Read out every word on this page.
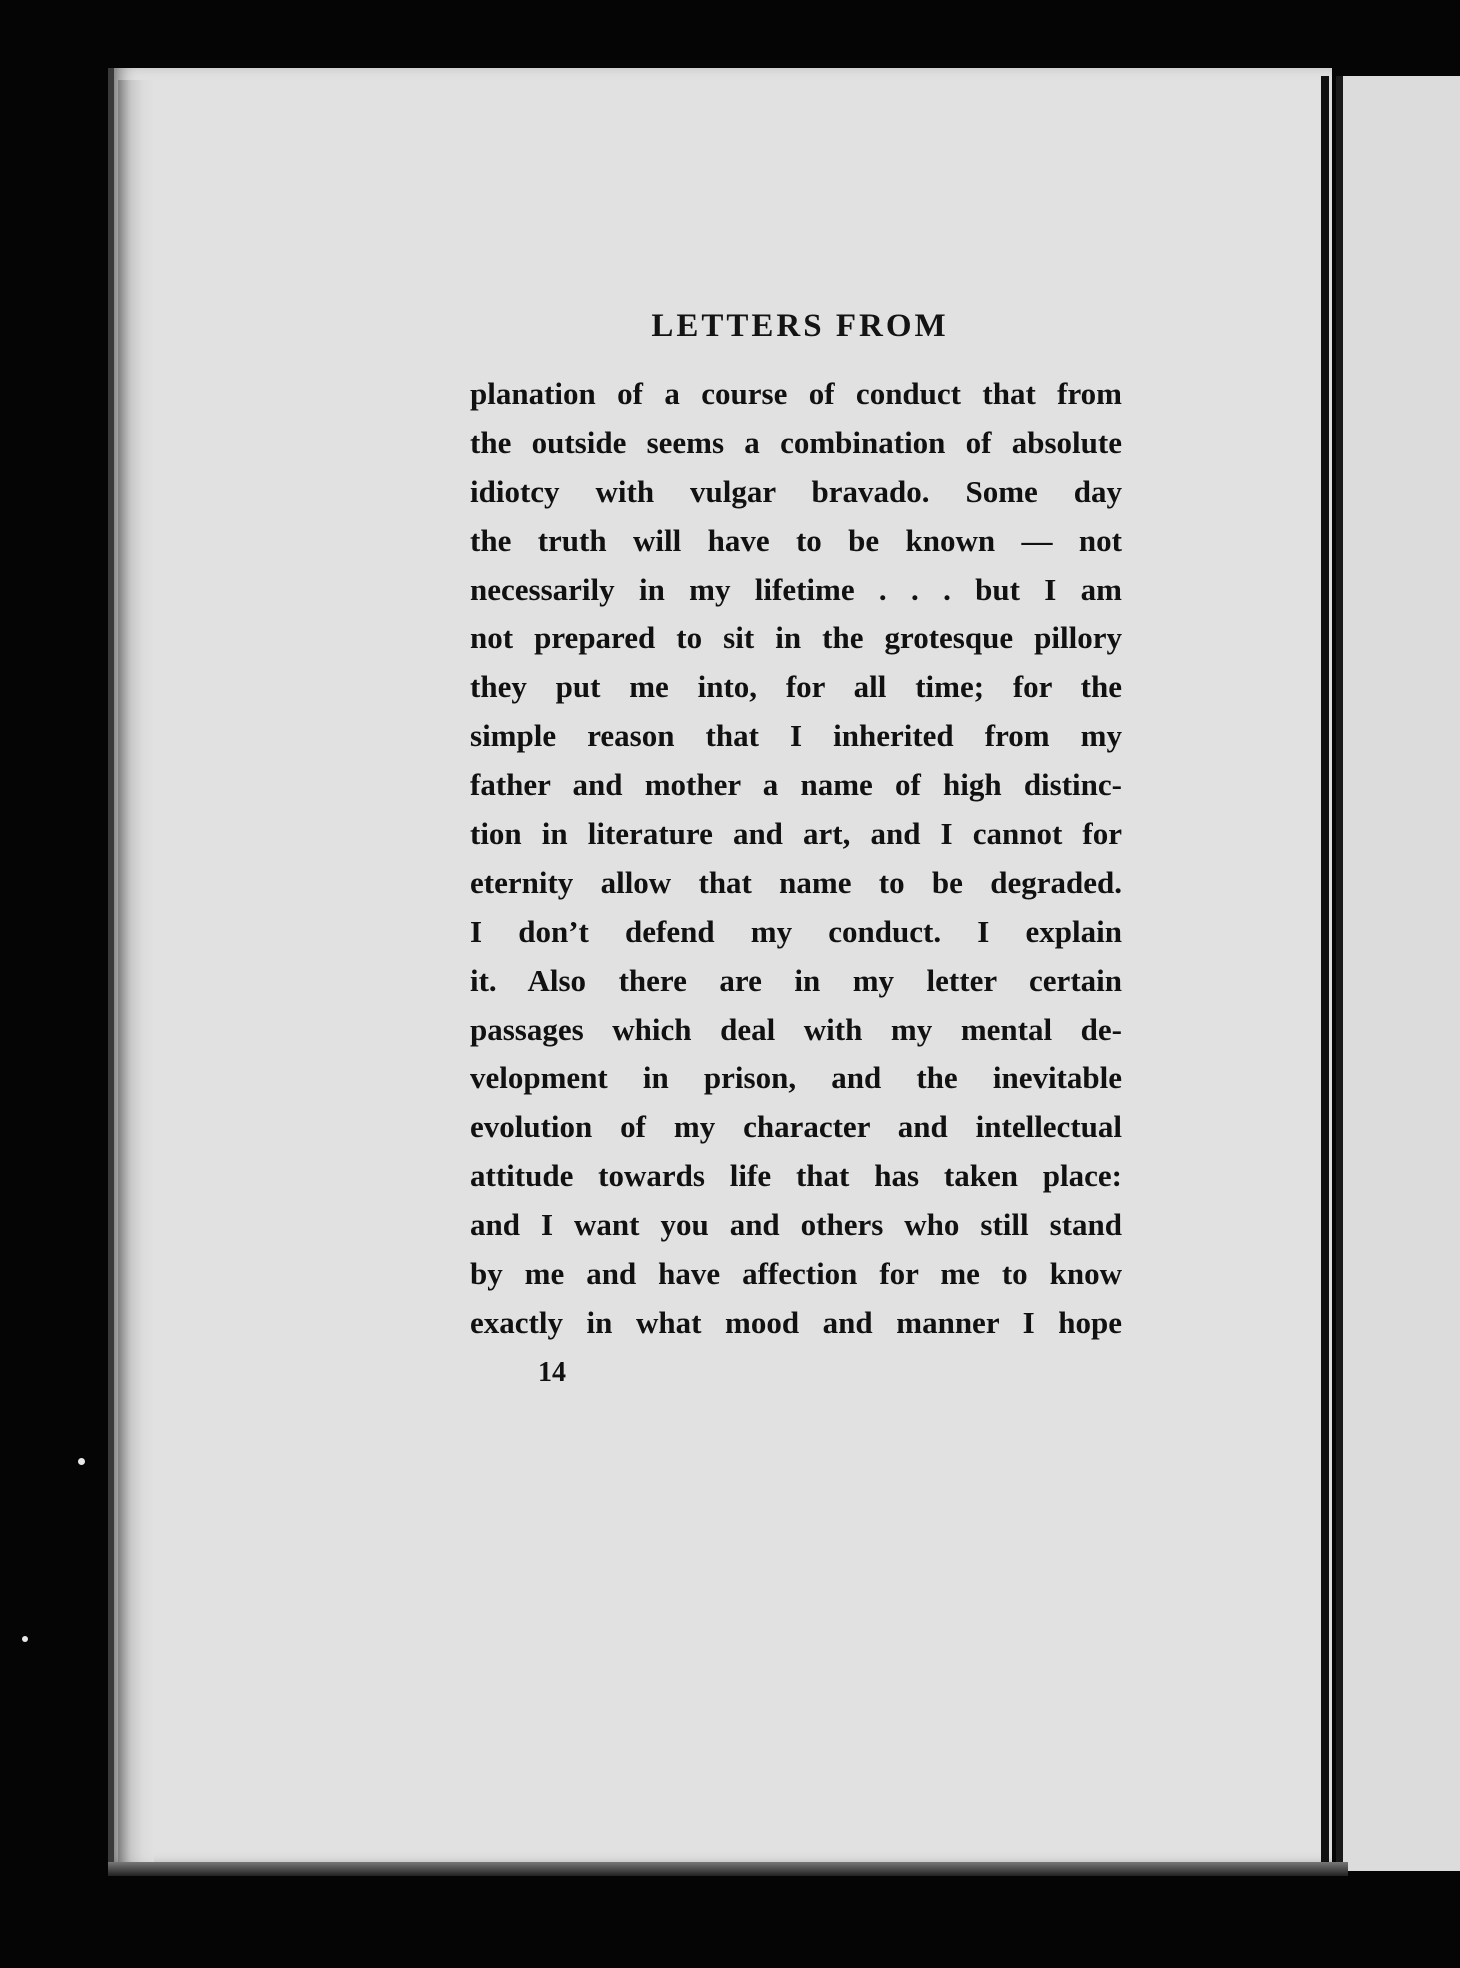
LETTERS FROM
planation of a course of conduct that from
the outside seems a combination of absolute
idiotcy with vulgar bravado. Some day
the truth will have to be known — not
necessarily in my lifetime . . . but I am
not prepared to sit in the grotesque pillory
they put me into, for all time; for the
simple reason that I inherited from my
father and mother a name of high distinc-
tion in literature and art, and I cannot for
eternity allow that name to be degraded.
I don’t defend my conduct. I explain
it. Also there are in my letter certain
passages which deal with my mental de-
velopment in prison, and the inevitable
evolution of my character and intellectual
attitude towards life that has taken place:
and I want you and others who still stand
by me and have affection for me to know
exactly in what mood and manner I hope
14
